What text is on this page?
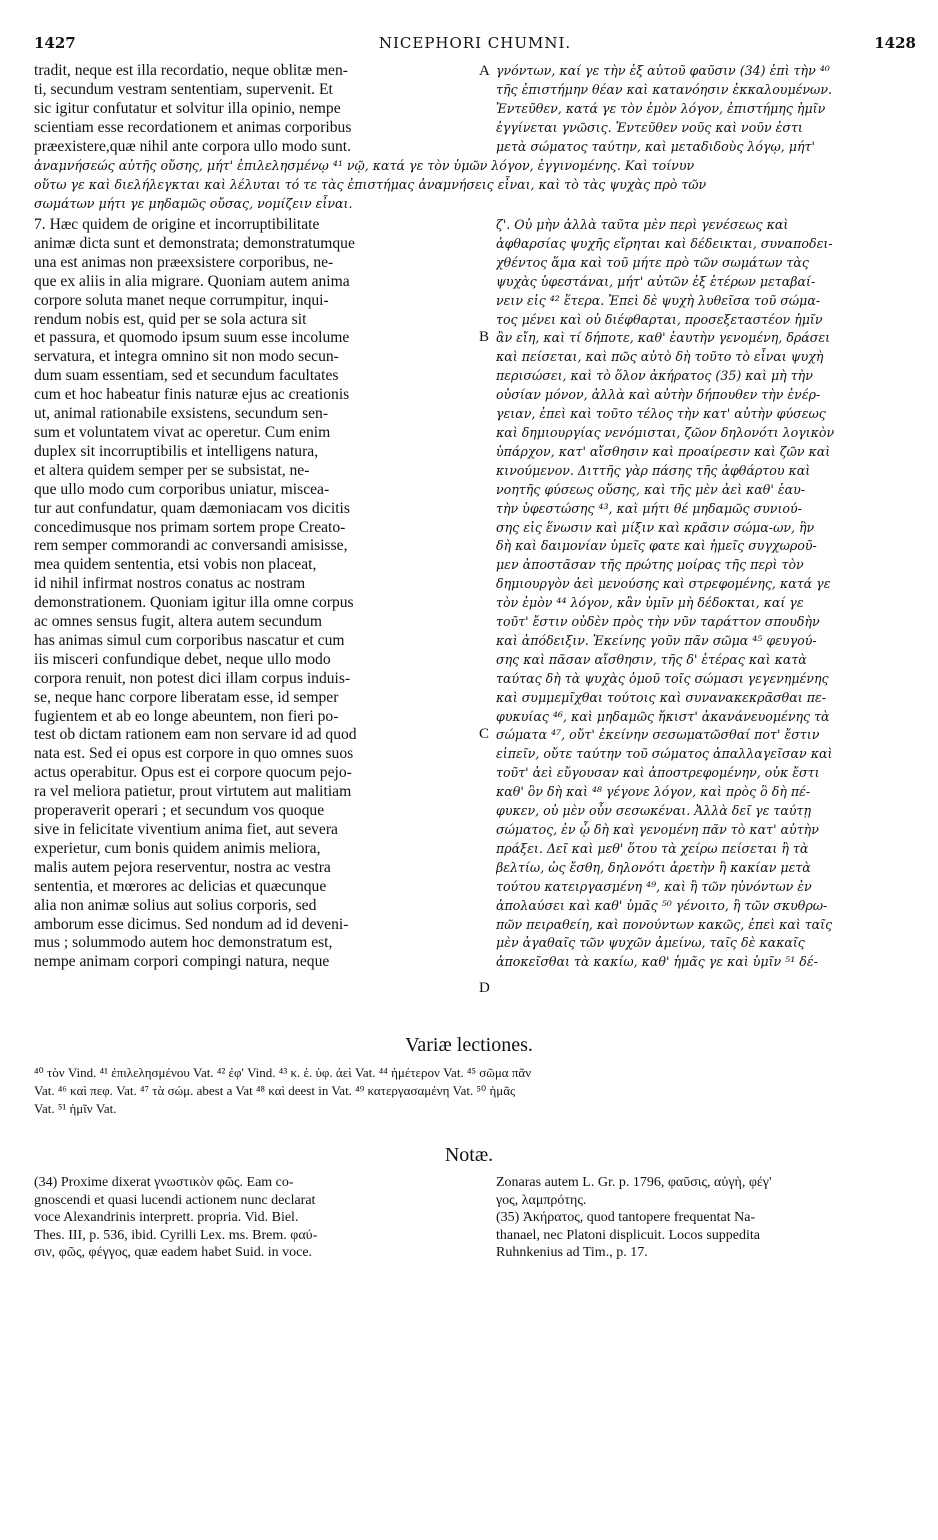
1427	NICEPHORI CHUMNI.	1428
tradit, neque est illa recordatio, neque oblitæ men-
ti, secundum vestram sententiam, supervenit. Et
sic igitur confutatur et solvitur illa opinio, nempe
scientiam esse recordationem et animas corporibus
præexistere,quæ nihil ante corpora ullo modo sunt.
γνόντων, καί γε τὴν ἐξ αὐτοῦ φαῦσιν (34) ἐπὶ τὴν ⁴⁰
τῆς ἐπιστήμην θέαν καὶ κατανόησιν ἐκκαλουμένων.
Ἐντεῦθεν, κατά γε τὸν ἐμὸν λόγον, ἐπιστήμης ἡμῖν
ἐγγίνεται γνῶσις. Ἐντεῦθεν νοῦς καὶ νοῦν ἐστι
μετὰ σώματος ταύτην, καὶ μεταδιδοὺς λόγῳ, μήτ'
ἀναμνήσεώς αὐτῆς οὔσης, μήτ' ἐπιλελησμένῳ ⁴¹ νῷ, κατά γε τὸν ὑμῶν λόγον, ἐγγινομένης. Καὶ τοίνυν
οὕτω γε καὶ διελήλεγκται καὶ λέλυται τό τε τὰς ἐπιστήμας ἀναμνήσεις εἶναι, καὶ τὸ τὰς ψυχὰς πρὸ τῶν
σωμάτων μήτι γε μηδαμῶς οὔσας, νομίζειν εἶναι.
7. Hæc quidem de origine et incorruptibilitate
animæ dicta sunt et demonstrata; demonstratumque
una est animas non præexsistere corporibus, ne-
que ex aliis in alia migrare. Quoniam autem anima
corpore soluta manet neque corrumpitur, inqui-
rendum nobis est, quid per se sola actura sit
et passura, et quomodo ipsum suum esse incolume
servatura, et integra omnino sit non modo secun-
dum suam essentiam, sed et secundum facultates
cum et hoc habeatur finis naturæ ejus ac creationis
ut, animal rationabile exsistens, secundum sen-
sum et voluntatem vivat ac operetur. Cum enim
duplex sit incorruptibilis et intelligens natura,
et altera quidem semper per se subsistat, ne-
que ullo modo cum corporibus uniatur, miscea-
tur aut confundatur, quam dæmoniacam vos dicitis
concedimusque nos primam sortem prope Creato-
rem semper commorandi ac conversandi amisisse,
mea quidem sententia, etsi vobis non placeat,
id nihil infirmat nostros conatus ac nostram
demonstrationem. Quoniam igitur illa omne corpus
ac omnes sensus fugit, altera autem secundum
has animas simul cum corporibus nascatur et cum
iis misceri confundique debet, neque ullo modo
corpora renuit, non potest dici illam corpus induis-
se, neque hanc corpore liberatam esse, id semper
fugientem et ab eo longe abeuntem, non fieri po-
test ob dictam rationem eam non servare id ad quod
nata est. Sed ei opus est corpore in quo omnes suos
actus operabitur. Opus est ei corpore quocum pejo-
ra vel meliora patietur, prout virtutem aut malitiam
properaverit operari ; et secundum vos quoque
sive in felicitate viventium anima fiet, aut severa
experietur, cum bonis quidem animis meliora,
malis autem pejora reserventur, nostra ac vestra
sententia, et mœrores ac delicias et quæcunque
alia non animæ solius aut solius corporis, sed
amborum esse dicimus. Sed nondum ad id deveni-
mus ; solummodo autem hoc demonstratum est,
nempe animam corpori compingi natura, neque
ζ'. Οὐ μὴν ἀλλὰ ταῦτα μὲν περὶ γενέσεως καὶ
ἀφθαρσίας ψυχῆς εἴρηται καὶ δέδεικται, συναποδει-
χθέντος ἅμα καὶ τοῦ μήτε πρὸ τῶν σωμάτων τὰς
ψυχὰς ὑφεστάναι, μήτ' αὐτῶν ἐξ ἑτέρων μεταβαί-
νειν εἰς ⁴² ἕτερα. Ἐπεὶ δὲ ψυχὴ λυθεῖσα τοῦ σώμα-
τος μένει καὶ οὐ διέφθαρται, προσεξεταστέον ἡμῖν
ἂν εἴη, καὶ τί δήποτε, καθ' ἑαυτὴν γενομένη, δράσει
καὶ πείσεται, καὶ πῶς αὐτὸ δὴ τοῦτο τὸ εἶναι ψυχὴ
περισώσει, καὶ τὸ ὅλον ἀκήρατος (35) καὶ μὴ τὴν
οὐσίαν μόνον, ἀλλὰ καὶ αὐτὴν δήπουθεν τὴν ἐνέρ-
γειαν, ἐπεὶ καὶ τοῦτο τέλος τὴν κατ' αὐτὴν φύσεως
καὶ δημιουργίας νενόμισται, ζῶον δηλονότι λογικὸν
ὑπάρχον, κατ' αἴσθησιν καὶ προαίρεσιν καὶ ζῶν καὶ
κινούμενον. Διττῆς γὰρ πάσης τῆς ἀφθάρτου καὶ
νοητῆς φύσεως οὔσης, καὶ τῆς μὲν ἀεὶ καθ' ἑαυ-
τὴν ὑφεστώσης ⁴³, καὶ μήτι θέ μηδαμῶς συνιού-
σης εἰς ἕνωσιν καὶ μίξιν καὶ κρᾶσιν σώμα-ων, ἣν
δὴ καὶ δαιμονίαν ὑμεῖς φατε καὶ ἡμεῖς συγχωροῦ-
μεν ἀποστᾶσαν τῆς πρώτης μοίρας τῆς περὶ τὸν
δημιουργὸν ἀεὶ μενούσης καὶ στρεφομένης, κατά γε
τὸν ἐμὸν ⁴⁴ λόγον, κἂν ὑμῖν μὴ δέδοκται, καί γε
τοῦτ' ἔστιν οὐδὲν πρὸς τὴν νῦν ταράττον σπουδὴν
καὶ ἀπόδειξιν. Ἐκείνης γοῦν πᾶν σῶμα ⁴⁵ φευγού-
σης καὶ πᾶσαν αἴσθησιν, τῆς δ' ἑτέρας καὶ κατὰ
ταύτας δὴ τὰ ψυχὰς ὁμοῦ τοῖς σώμασι γεγενημένης
καὶ συμμεμῖχθαι τούτοις καὶ συνανακεκρᾶσθαι πε-
φυκυίας ⁴⁶, καὶ μηδαμῶς ἥκιστ' ἀκανάνευομένης τὰ
σώματα ⁴⁷, οὔτ' ἐκείνην σεσωματῶσθαί ποτ' ἔστιν
εἰπεῖν, οὔτε ταύτην τοῦ σώματος ἀπαλλαγεῖσαν καὶ
τοῦτ' ἀεὶ εὔγουσαν καὶ ἀποστρεφομένην, οὐκ ἔστι
καθ' ὃν δὴ καὶ ⁴⁸ γέγονε λόγον, καὶ πρὸς ὃ δὴ πέ-
φυκεν, οὐ μὲν οὖν σεσωκέναι. Ἀλλὰ δεῖ γε ταύτῃ
σώματος, ἐν ᾧ δὴ καὶ γενομένη πᾶν τὸ κατ' αὐτὴν
πράξει. Δεῖ καὶ μεθ' ὅτου τὰ χείρω πείσεται ἢ τὰ
βελτίω, ὡς ἔσθη, δηλονότι ἀρετὴν ἢ κακίαν μετὰ
τούτου κατειργασμένη ⁴⁹, καὶ ἢ τῶν ηὐνόντων ἐν
ἀπολαύσει καὶ καθ' ὑμᾶς ⁵⁰ γένοιτο, ἢ τῶν σκυθρω-
πῶν πειραθείη, καὶ πονούντων κακῶς, ἐπεὶ καὶ ταῖς
μὲν ἀγαθαῖς τῶν ψυχῶν ἀμείνω, ταῖς δὲ κακαῖς
ἀποκεῖσθαι τὰ κακίω, καθ' ἡμᾶς γε καὶ ὑμῖν ⁵¹ δέ-
A
B
C
D
Variæ lectiones.
⁴⁰ τὸν Vind. ⁴¹ ἐπιλελησμένου Vat. ⁴² ἐφ' Vind. ⁴³ κ. ἑ. ὑφ. ἀεὶ Vat. ⁴⁴ ἡμέτερον Vat. ⁴⁵ σῶμα πᾶν
Vat. ⁴⁶ καὶ πεφ. Vat. ⁴⁷ τὰ σώμ. abest a Vat ⁴⁸ καὶ deest in Vat. ⁴⁹ κατεργασαμένη Vat. ⁵⁰ ἡμᾶς
Vat. ⁵¹ ἡμῖν Vat.
Notæ.
(34) Proxime dixerat γνωστικὸν φῶς. Eam co-
gnoscendi et quasi lucendi actionem nunc declarat
voce Alexandrinis interprett. propria. Vid. Biel.
Thes. III, p. 536, ibid. Cyrilli Lex. ms. Brem. φαύ-
σιν, φῶς, φέγγος, quæ eadem habet Suid. in voce.
Zonaras autem L. Gr. p. 1796, φαῦσις, αὐγὴ, φέγ'
γος, λαμπρότης.
(35) Ἀκήρατος, quod tantopere frequentat Na-
thanael, nec Platoni displicuit. Locos suppedita
Ruhnkenius ad Tim., p. 17.
